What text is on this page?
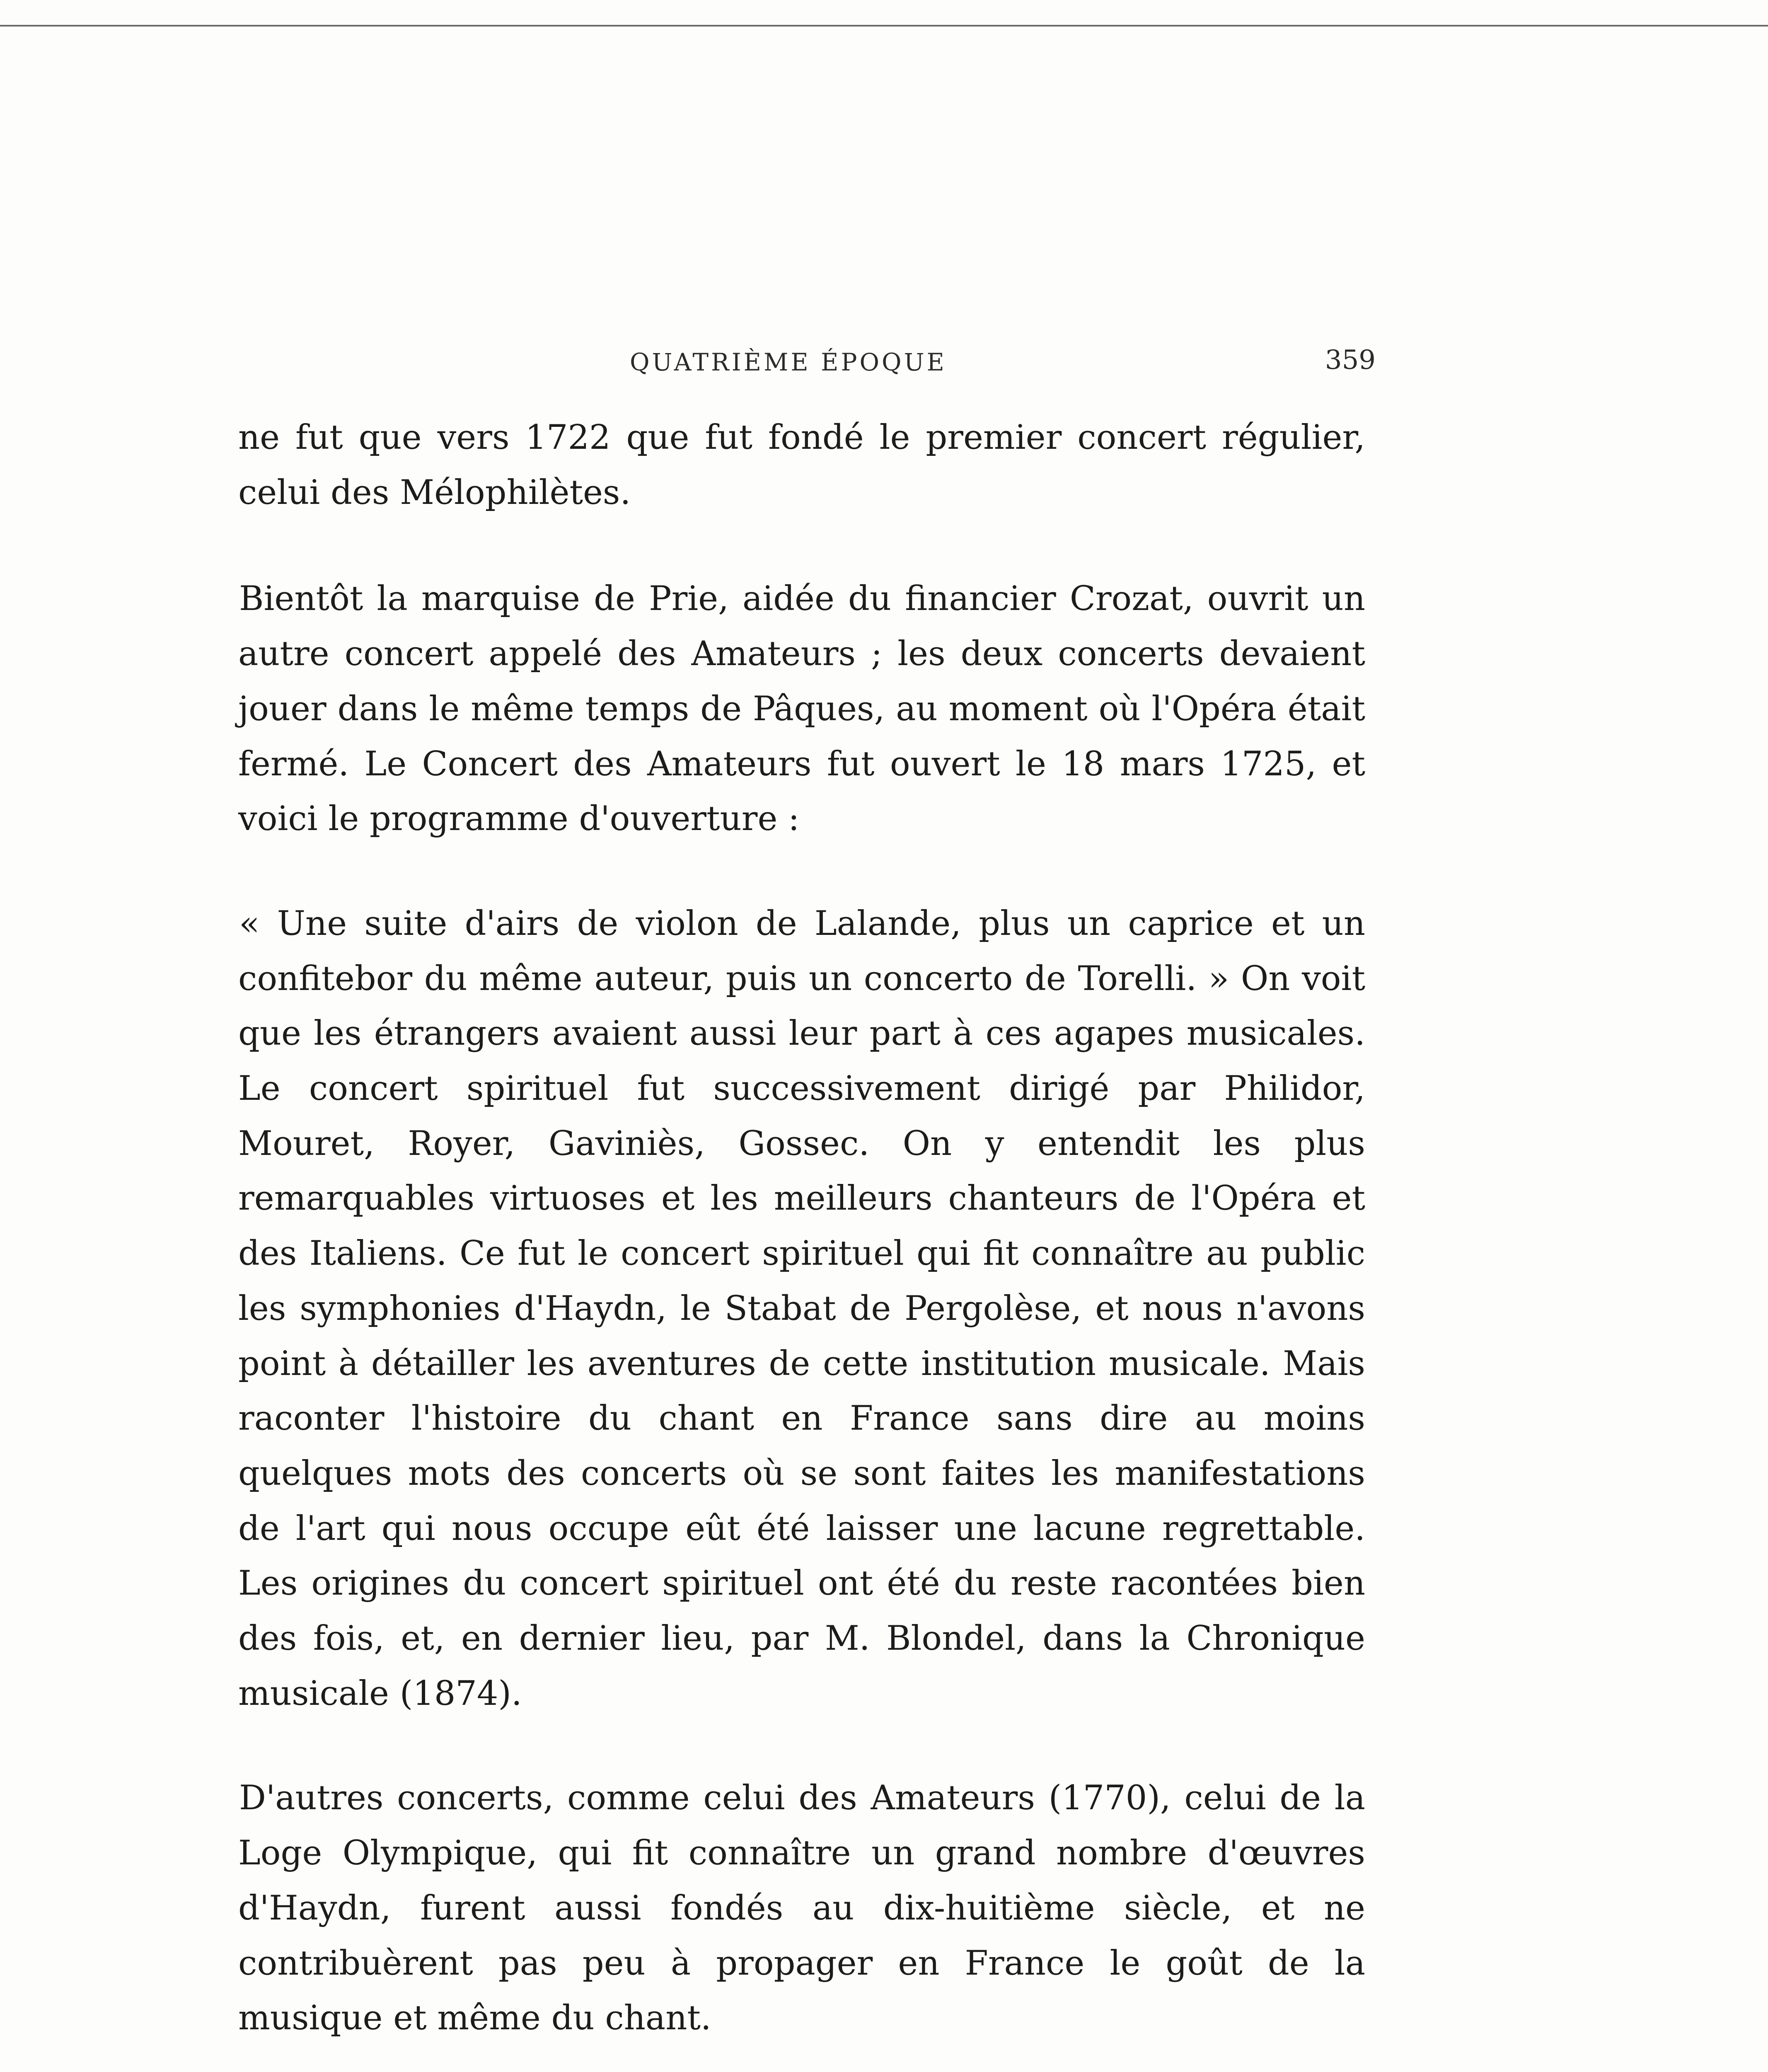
QUATRIÈME ÉPOQUE	359

ne fut que vers 1722 que fut fondé le premier concert régulier, celui des Mélophilètes.

Bientôt la marquise de Prie, aidée du financier Crozat, ouvrit un autre concert appelé des Amateurs ; les deux concerts devaient jouer dans le même temps de Pâques, au moment où l'Opéra était fermé. Le Concert des Amateurs fut ouvert le 18 mars 1725, et voici le programme d'ouverture :

« Une suite d'airs de violon de Lalande, plus un caprice et un confitebor du même auteur, puis un concerto de Torelli. » On voit que les étrangers avaient aussi leur part à ces agapes musicales. Le concert spirituel fut successivement dirigé par Philidor, Mouret, Royer, Gaviniès, Gossec. On y entendit les plus remarquables virtuoses et les meilleurs chanteurs de l'Opéra et des Italiens. Ce fut le concert spirituel qui fit connaître au public les symphonies d'Haydn, le Stabat de Pergolèse, et nous n'avons point à détailler les aventures de cette institution musicale. Mais raconter l'histoire du chant en France sans dire au moins quelques mots des concerts où se sont faites les manifestations de l'art qui nous occupe eût été laisser une lacune regrettable. Les origines du concert spirituel ont été du reste racontées bien des fois, et, en dernier lieu, par M. Blondel, dans la Chronique musicale (1874).

D'autres concerts, comme celui des Amateurs (1770), celui de la Loge Olympique, qui fit connaître un grand nombre d'œuvres d'Haydn, furent aussi fondés au dix-huitième siècle, et ne contribuèrent pas peu à propager en France le goût de la musique et même du chant.
